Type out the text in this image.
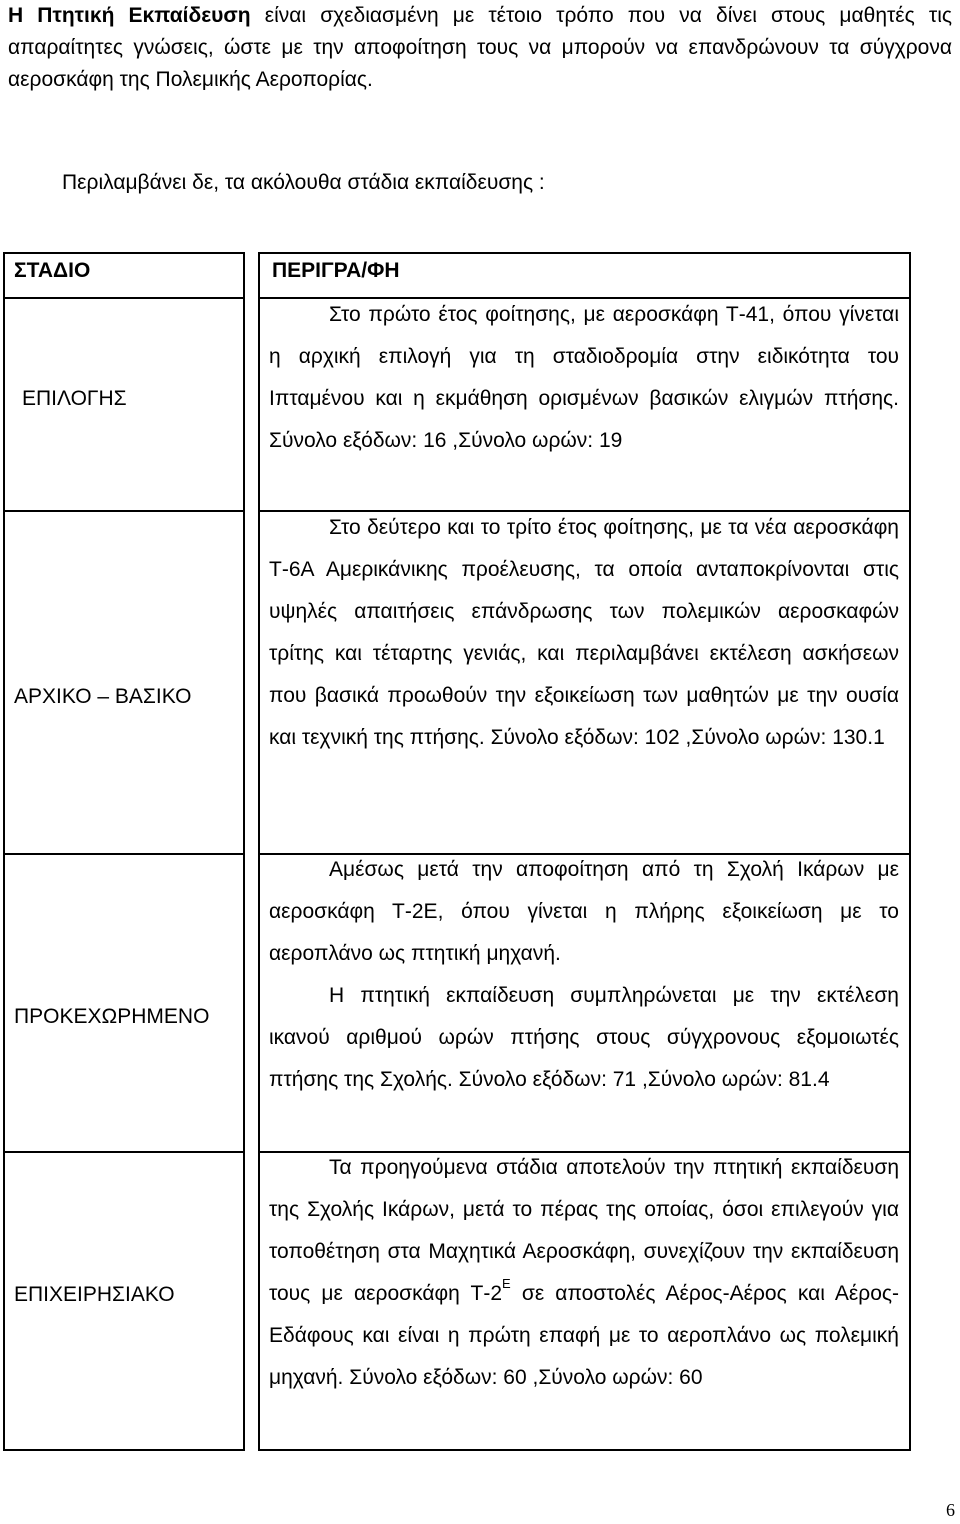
Η Πτητική Εκπαίδευση είναι σχεδιασμένη με τέτοιο τρόπο που να δίνει στους μαθητές τις απαραίτητες γνώσεις, ώστε με την αποφοίτηση τους να μπορούν να επανδρώνουν τα σύγχρονα αεροσκάφη της Πολεμικής Αεροπορίας.
Περιλαμβάνει δε, τα ακόλουθα στάδια εκπαίδευσης :
ΣΤΑΔΙΟ	ΠΕΡΙΓΡΑ/ΦΗ
ΕΠΙΛΟΓΗΣ

Στο πρώτο έτος φοίτησης, με αεροσκάφη Τ-41, όπου γίνεται η αρχική επιλογή για τη σταδιοδρομία στην ειδικότητα του Ιπταμένου και η εκμάθηση ορισμένων βασικών ελιγμών πτήσης. Σύνολο εξόδων: 16 ,Σύνολο ωρών: 19

ΑΡΧΙΚΟ – ΒΑΣΙΚΟ

Στο δεύτερο και το τρίτο έτος φοίτησης, με τα νέα αεροσκάφη Τ-6Α Αμερικάνικης προέλευσης, τα οποία ανταποκρίνονται στις υψηλές απαιτήσεις επάνδρωσης των πολεμικών αεροσκαφών τρίτης και τέταρτης γενιάς, και περιλαμβάνει εκτέλεση ασκήσεων που βασικά προωθούν την εξοικείωση των μαθητών με την ουσία και τεχνική της πτήσης. Σύνολο εξόδων: 102 ,Σύνολο ωρών: 130.1

ΠΡΟΚΕΧΩΡΗΜΕΝΟ

Αμέσως μετά την αποφοίτηση από τη Σχολή Ικάρων με αεροσκάφη Τ-2Ε, όπου γίνεται η πλήρης εξοικείωση με το αεροπλάνο ως πτητική μηχανή.

Η πτητική εκπαίδευση συμπληρώνεται με την εκτέλεση ικανού αριθμού ωρών πτήσης στους σύγχρονους εξομοιωτές πτήσης της Σχολής. Σύνολο εξόδων: 71 ,Σύνολο ωρών: 81.4

ΕΠΙΧΕΙΡΗΣΙΑΚΟ

Τα προηγούμενα στάδια αποτελούν την πτητική εκπαίδευση της Σχολής Ικάρων, μετά το πέρας της οποίας, όσοι επιλεγούν για τοποθέτηση στα Μαχητικά Αεροσκάφη, συνεχίζουν την εκπαίδευση τους με αεροσκάφη $T-2^E$ σε αποστολές Αέρος-Αέρος και Αέρος-Εδάφους και είναι η πρώτη επαφή με το αεροπλάνο ως πολεμική μηχανή. Σύνολο εξόδων: 60 ,Σύνολο ωρών: 60

6
